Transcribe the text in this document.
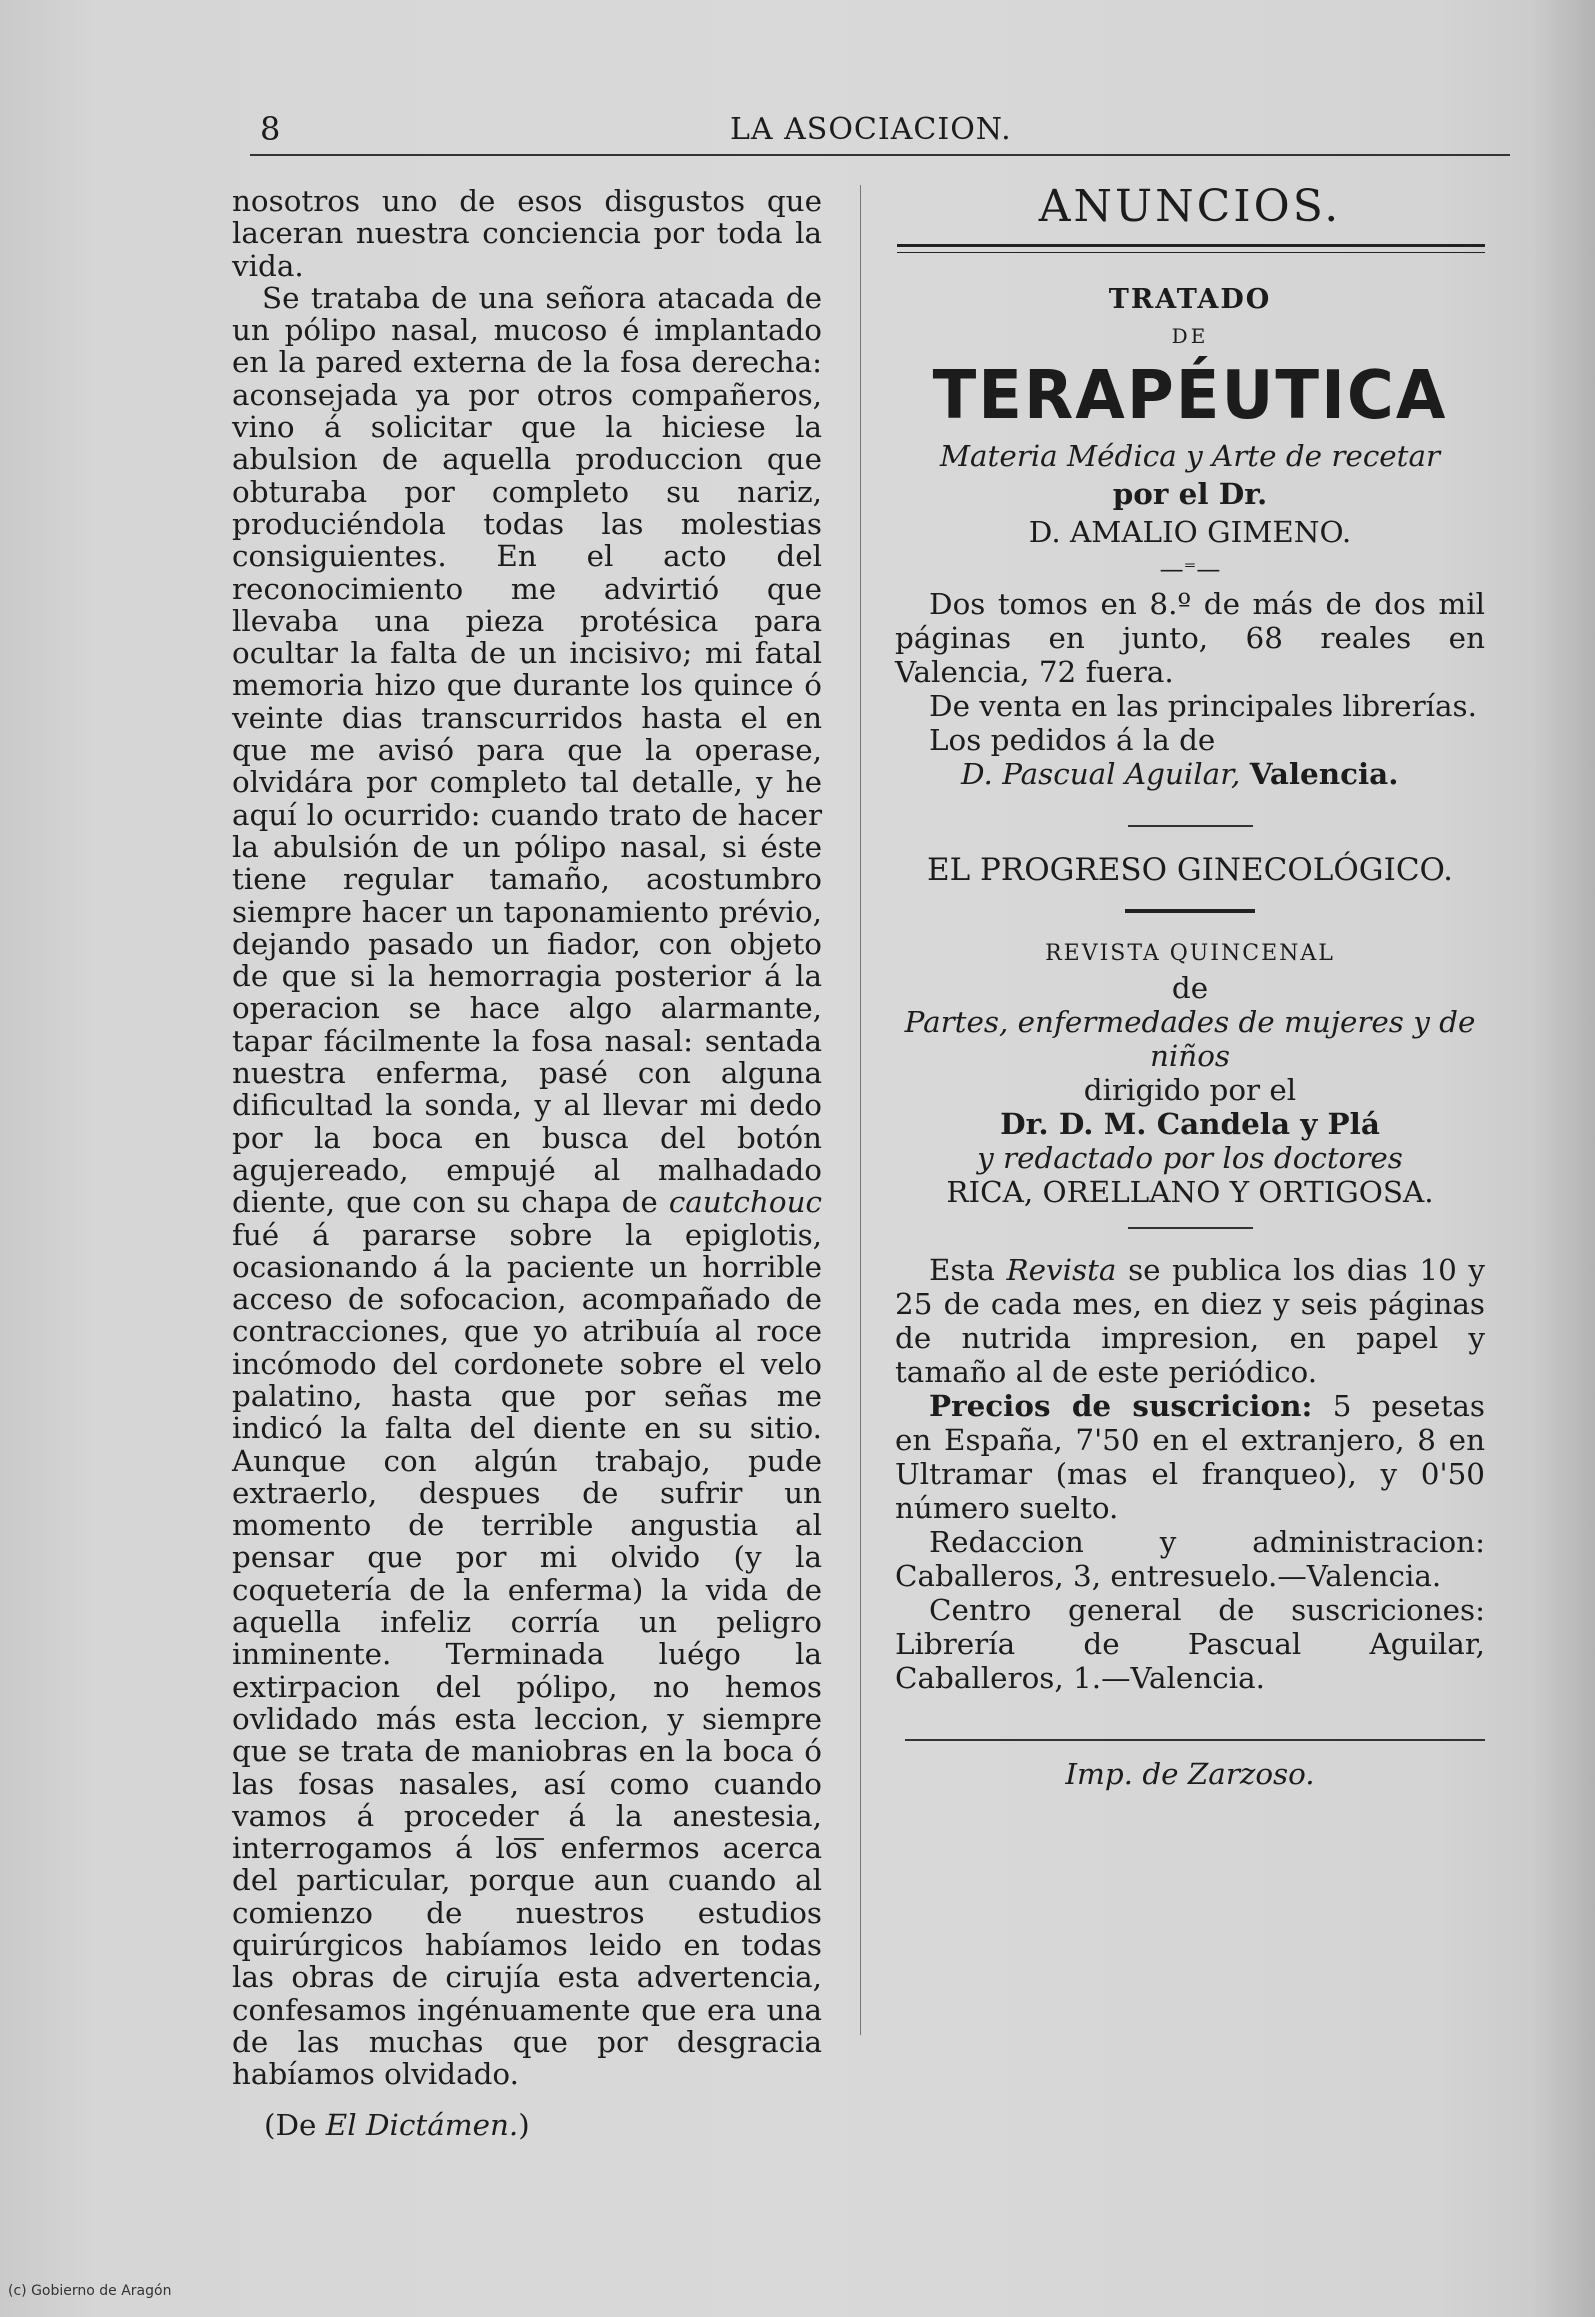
8	LA ASOCIACION.

nosotros uno de esos disgustos que laceran nuestra conciencia por toda la vida.

Se trataba de una señora atacada de un pólipo nasal, mucoso é implantado en la pared externa de la fosa derecha: aconsejada ya por otros compañeros, vino á solicitar que la hiciese la abulsion de aquella produccion que obturaba por completo su nariz, produciéndola todas las molestias consiguientes. En el acto del reconocimiento me advirtió que llevaba una pieza protésica para ocultar la falta de un incisivo; mi fatal memoria hizo que durante los quince ó veinte dias transcurridos hasta el en que me avisó para que la operase, olvidára por completo tal detalle, y he aquí lo ocurrido: cuando trato de hacer la abulsión de un pólipo nasal, si éste tiene regular tamaño, acostumbro siempre hacer un taponamiento prévio, dejando pasado un fiador, con objeto de que si la hemorragia posterior á la operacion se hace algo alarmante, tapar fácilmente la fosa nasal: sentada nuestra enferma, pasé con alguna dificultad la sonda, y al llevar mi dedo por la boca en busca del botón agujereado, empujé al malhadado diente, que con su chapa de cautchouc fué á pararse sobre la epiglotis, ocasionando á la paciente un horrible acceso de sofocacion, acompañado de contracciones, que yo atribuía al roce incómodo del cordonete sobre el velo palatino, hasta que por señas me indicó la falta del diente en su sitio. Aunque con algún trabajo, pude extraerlo, despues de sufrir un momento de terrible angustia al pensar que por mi olvido (y la coquetería de la enferma) la vida de aquella infeliz corría un peligro inminente. Terminada luégo la extirpacion del pólipo, no hemos ovlidado más esta leccion, y siempre que se trata de maniobras en la boca ó las fosas nasales, así como cuando vamos á proceder á la anestesia, interrogamos á los enfermos acerca del particular, porque aun cuando al comienzo de nuestros estudios quirúrgicos habíamos leido en todas las obras de cirujía esta advertencia, confesamos ingénuamente que era una de las muchas que por desgracia habíamos olvidado.

(De El Dictámen.)

ANUNCIOS.
TRATADO
DE
TERAPÉUTICA
Materia Médica y Arte de recetar
por el Dr.
D. AMALIO GIMENO.
—⁼—
Dos tomos en 8.º de más de dos mil páginas en junto, 68 reales en Valencia, 72 fuera.
De venta en las principales librerías.
Los pedidos á la de
D. Pascual Aguilar, Valencia.
EL PROGRESO GINECOLÓGICO.
REVISTA QUINCENAL
de
Partes, enfermedades de mujeres y de niños
dirigido por el
Dr. D. M. Candela y Plá
y redactado por los doctores
RICA, ORELLANO Y ORTIGOSA.
Esta Revista se publica los dias 10 y 25 de cada mes, en diez y seis páginas de nutrida impresion, en papel y tamaño al de este periódico.
Precios de suscricion: 5 pesetas en España, 7'50 en el extranjero, 8 en Ultramar (mas el franqueo), y 0'50 número suelto.
Redaccion y administracion: Caballeros, 3, entresuelo.—Valencia.
Centro general de suscriciones: Librería de Pascual Aguilar, Caballeros, 1.—Valencia.
Imp. de Zarzoso.
(c) Gobierno de Aragón
